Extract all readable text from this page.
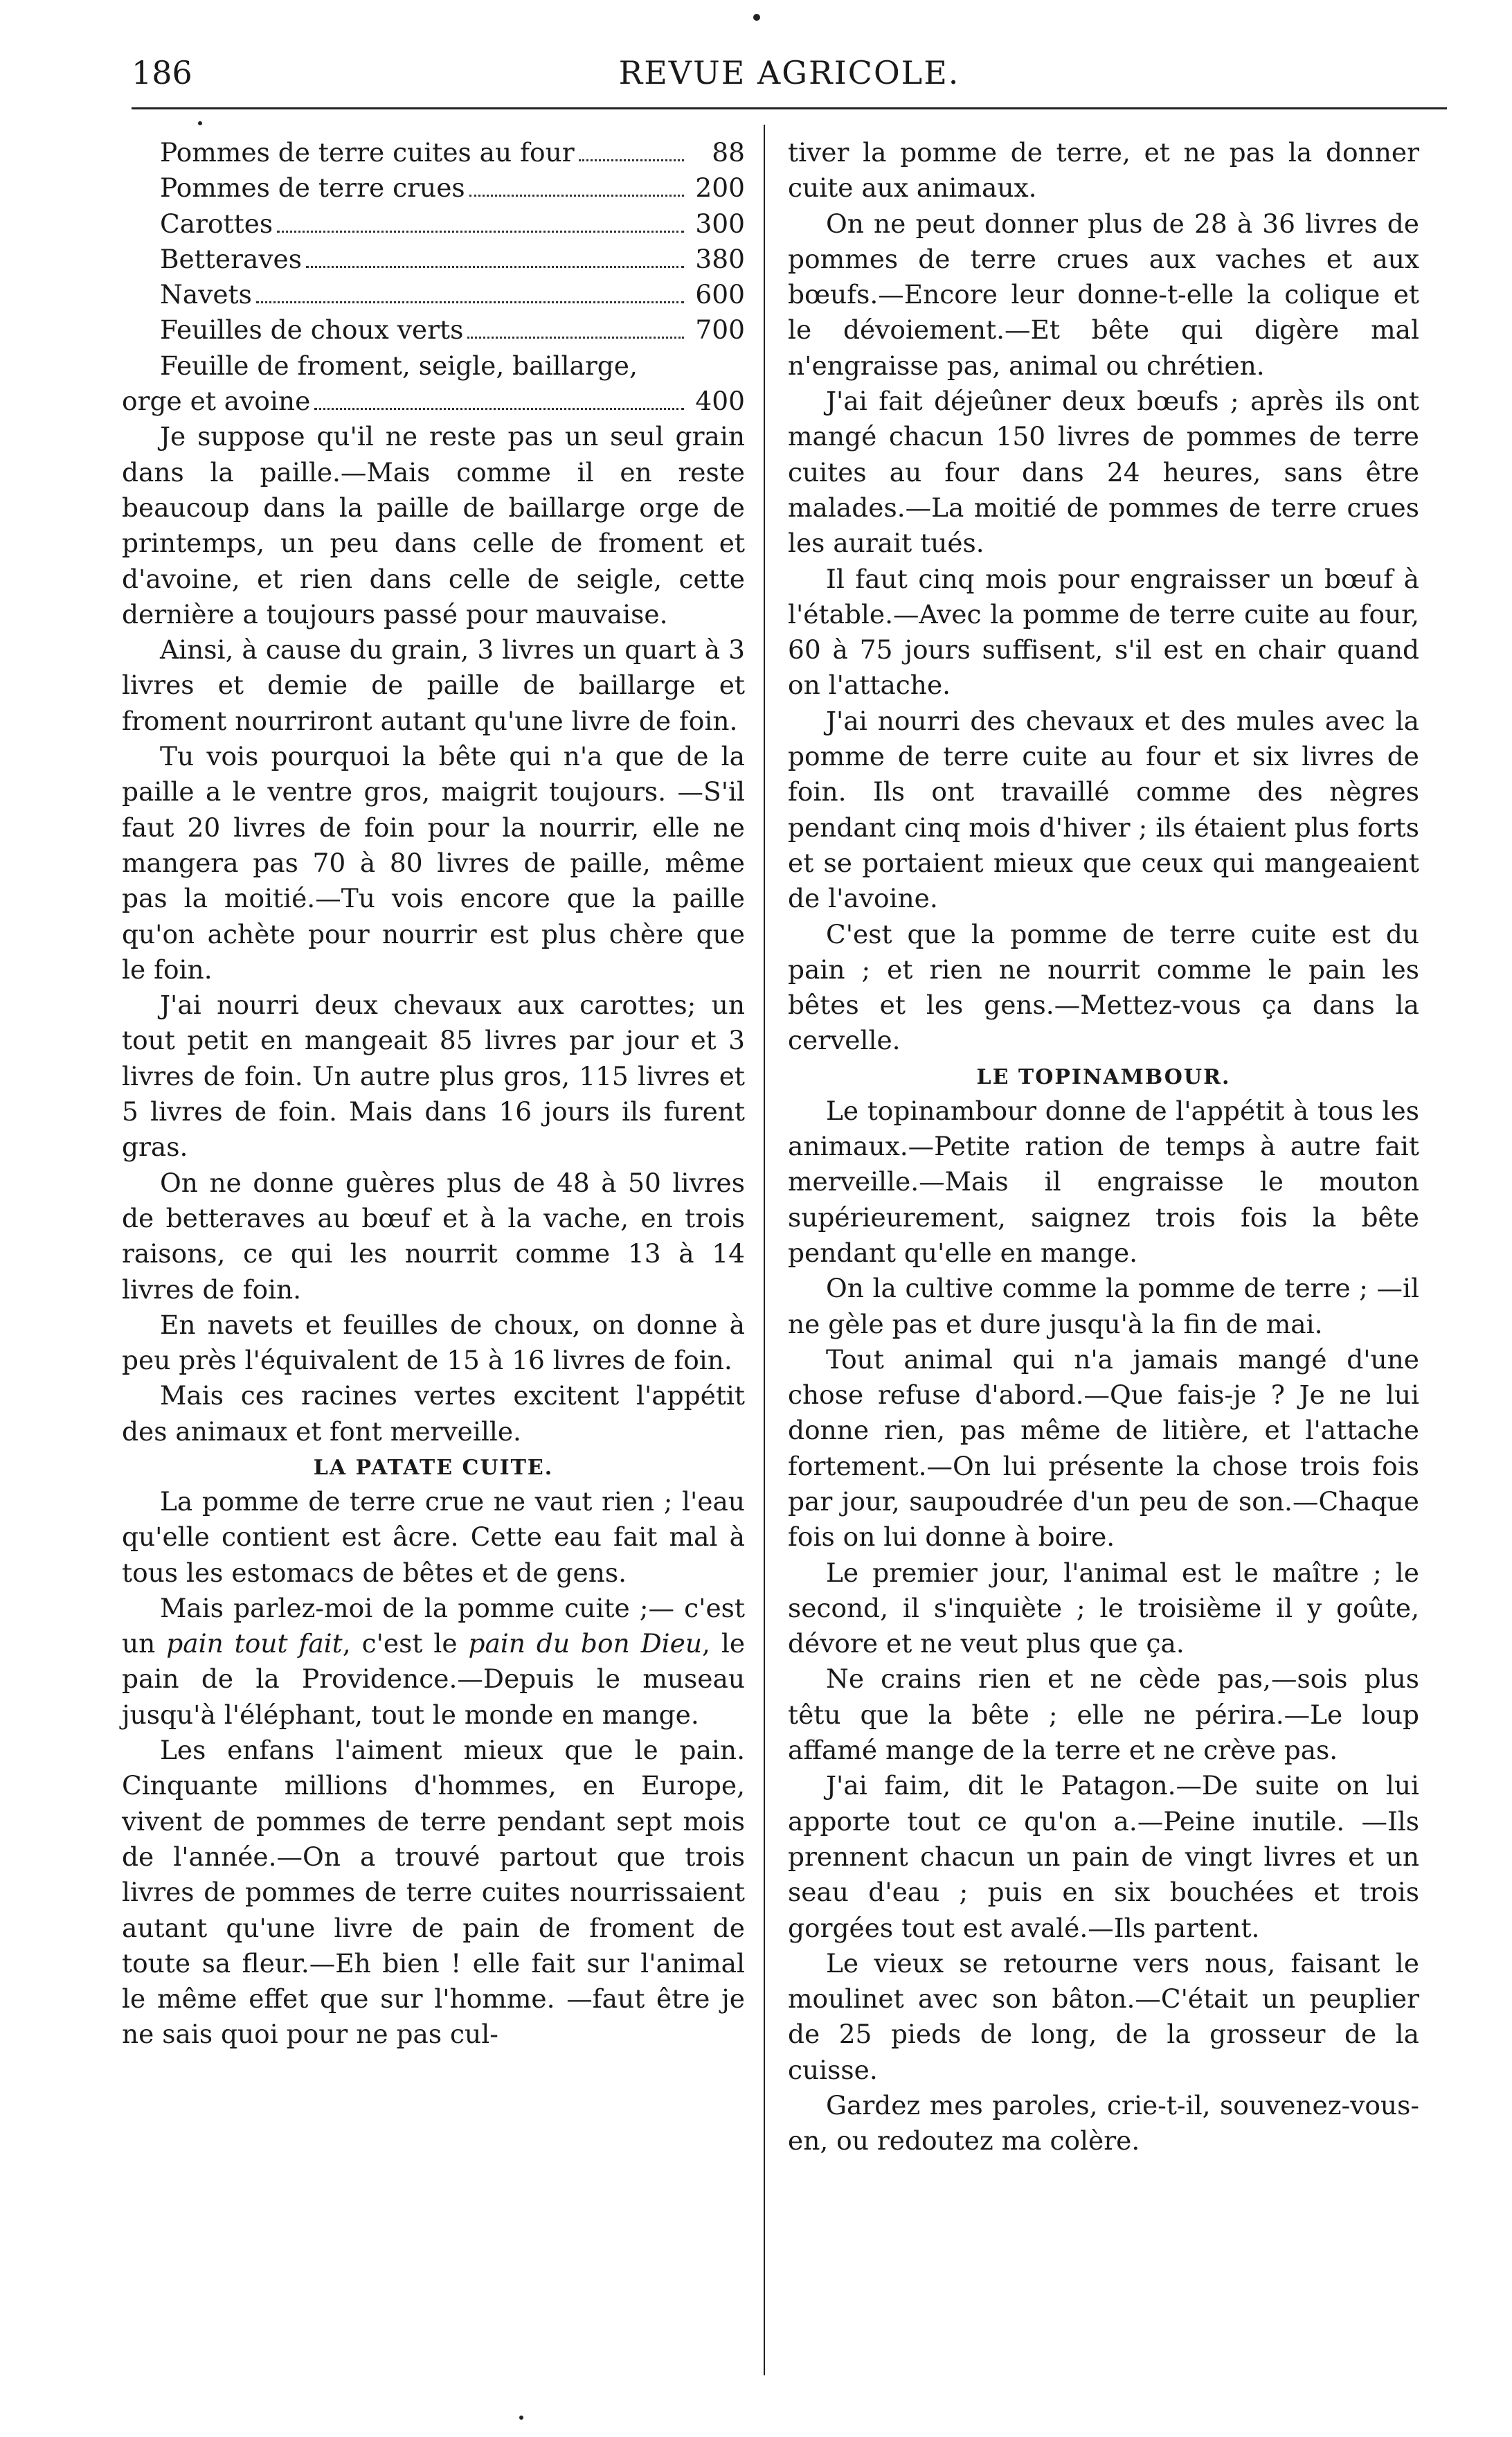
186	REVUE AGRICOLE.
Pommes de terre cuites au four	88
Pommes de terre crues	200
Carottes	300
Betteraves	380
Navets	600
Feuilles de choux verts	700
Feuille de froment, seigle, baillarge,
orge et avoine	400

Je suppose qu'il ne reste pas un seul grain dans la paille.—Mais comme il en reste beaucoup dans la paille de baillarge orge de printemps, un peu dans celle de froment et d'avoine, et rien dans celle de seigle, cette dernière a toujours passé pour mauvaise.

Ainsi, à cause du grain, 3 livres un quart à 3 livres et demie de paille de baillarge et froment nourriront autant qu'une livre de foin.

Tu vois pourquoi la bête qui n'a que de la paille a le ventre gros, maigrit toujours. —S'il faut 20 livres de foin pour la nourrir, elle ne mangera pas 70 à 80 livres de paille, même pas la moitié.—Tu vois encore que la paille qu'on achète pour nourrir est plus chère que le foin.

J'ai nourri deux chevaux aux carottes; un tout petit en mangeait 85 livres par jour et 3 livres de foin. Un autre plus gros, 115 livres et 5 livres de foin. Mais dans 16 jours ils furent gras.

On ne donne guères plus de 48 à 50 livres de betteraves au bœuf et à la vache, en trois raisons, ce qui les nourrit comme 13 à 14 livres de foin.

En navets et feuilles de choux, on donne à peu près l'équivalent de 15 à 16 livres de foin.

Mais ces racines vertes excitent l'appétit des animaux et font merveille.

LA PATATE CUITE.

La pomme de terre crue ne vaut rien ; l'eau qu'elle contient est âcre. Cette eau fait mal à tous les estomacs de bêtes et de gens.

Mais parlez-moi de la pomme cuite ;— c'est un pain tout fait, c'est le pain du bon Dieu, le pain de la Providence.—Depuis le museau jusqu'à l'éléphant, tout le monde en mange.

Les enfans l'aiment mieux que le pain. Cinquante millions d'hommes, en Europe, vivent de pommes de terre pendant sept mois de l'année.—On a trouvé partout que trois livres de pommes de terre cuites nourrissaient autant qu'une livre de pain de froment de toute sa fleur.—Eh bien ! elle fait sur l'animal le même effet que sur l'homme. —faut être je ne sais quoi pour ne pas cul-

tiver la pomme de terre, et ne pas la donner cuite aux animaux.

On ne peut donner plus de 28 à 36 livres de pommes de terre crues aux vaches et aux bœufs.—Encore leur donne-t-elle la colique et le dévoiement.—Et bête qui digère mal n'engraisse pas, animal ou chrétien.

J'ai fait déjeûner deux bœufs ; après ils ont mangé chacun 150 livres de pommes de terre cuites au four dans 24 heures, sans être malades.—La moitié de pommes de terre crues les aurait tués.

Il faut cinq mois pour engraisser un bœuf à l'étable.—Avec la pomme de terre cuite au four, 60 à 75 jours suffisent, s'il est en chair quand on l'attache.

J'ai nourri des chevaux et des mules avec la pomme de terre cuite au four et six livres de foin. Ils ont travaillé comme des nègres pendant cinq mois d'hiver ; ils étaient plus forts et se portaient mieux que ceux qui mangeaient de l'avoine.

C'est que la pomme de terre cuite est du pain ; et rien ne nourrit comme le pain les bêtes et les gens.—Mettez-vous ça dans la cervelle.

LE TOPINAMBOUR.

Le topinambour donne de l'appétit à tous les animaux.—Petite ration de temps à autre fait merveille.—Mais il engraisse le mouton supérieurement, saignez trois fois la bête pendant qu'elle en mange.

On la cultive comme la pomme de terre ; —il ne gèle pas et dure jusqu'à la fin de mai.

Tout animal qui n'a jamais mangé d'une chose refuse d'abord.—Que fais-je ? Je ne lui donne rien, pas même de litière, et l'attache fortement.—On lui présente la chose trois fois par jour, saupoudrée d'un peu de son.—Chaque fois on lui donne à boire.

Le premier jour, l'animal est le maître ; le second, il s'inquiète ; le troisième il y goûte, dévore et ne veut plus que ça.

Ne crains rien et ne cède pas,—sois plus têtu que la bête ; elle ne périra.—Le loup affamé mange de la terre et ne crève pas.

J'ai faim, dit le Patagon.—De suite on lui apporte tout ce qu'on a.—Peine inutile. —Ils prennent chacun un pain de vingt livres et un seau d'eau ; puis en six bouchées et trois gorgées tout est avalé.—Ils partent.

Le vieux se retourne vers nous, faisant le moulinet avec son bâton.—C'était un peuplier de 25 pieds de long, de la grosseur de la cuisse.

Gardez mes paroles, crie-t-il, souvenez-vous-en, ou redoutez ma colère.
